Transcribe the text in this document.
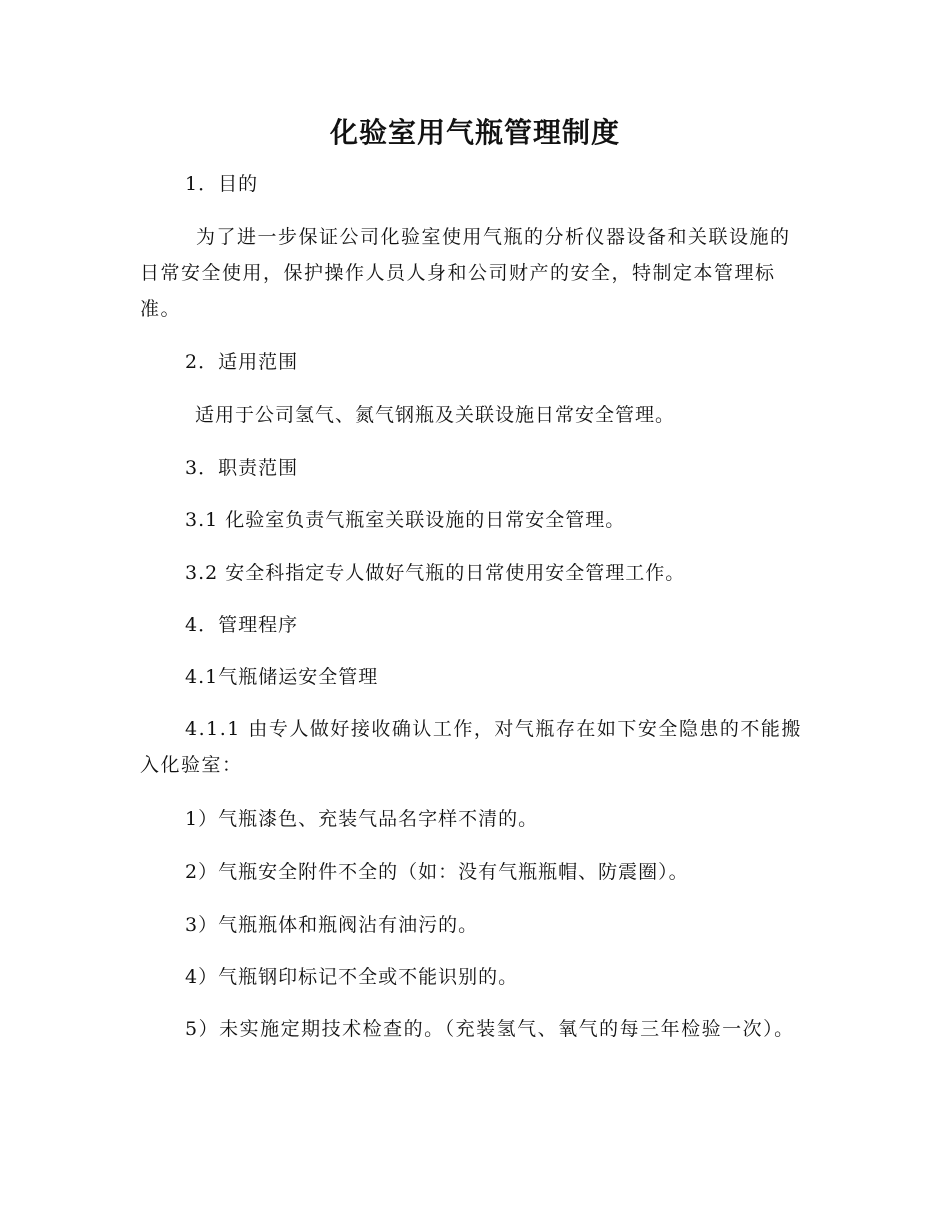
化验室用气瓶管理制度
1．目的

为了进一步保证公司化验室使用气瓶的分析仪器设备和关联设施的日常安全使用，保护操作人员人身和公司财产的安全，特制定本管理标准。

2．适用范围
适用于公司氢气、氮气钢瓶及关联设施日常安全管理。
3．职责范围
3.1 化验室负责气瓶室关联设施的日常安全管理。
3.2 安全科指定专人做好气瓶的日常使用安全管理工作。
4．管理程序
4.1气瓶储运安全管理

4.1.1 由专人做好接收确认工作，对气瓶存在如下安全隐患的不能搬入化验室：

1）气瓶漆色、充装气品名字样不清的。
2）气瓶安全附件不全的（如：没有气瓶瓶帽、防震圈）。
3）气瓶瓶体和瓶阀沾有油污的。
4）气瓶钢印标记不全或不能识别的。

5）未实施定期技术检查的。（充装氢气、氧气的每三年检验一次）。
